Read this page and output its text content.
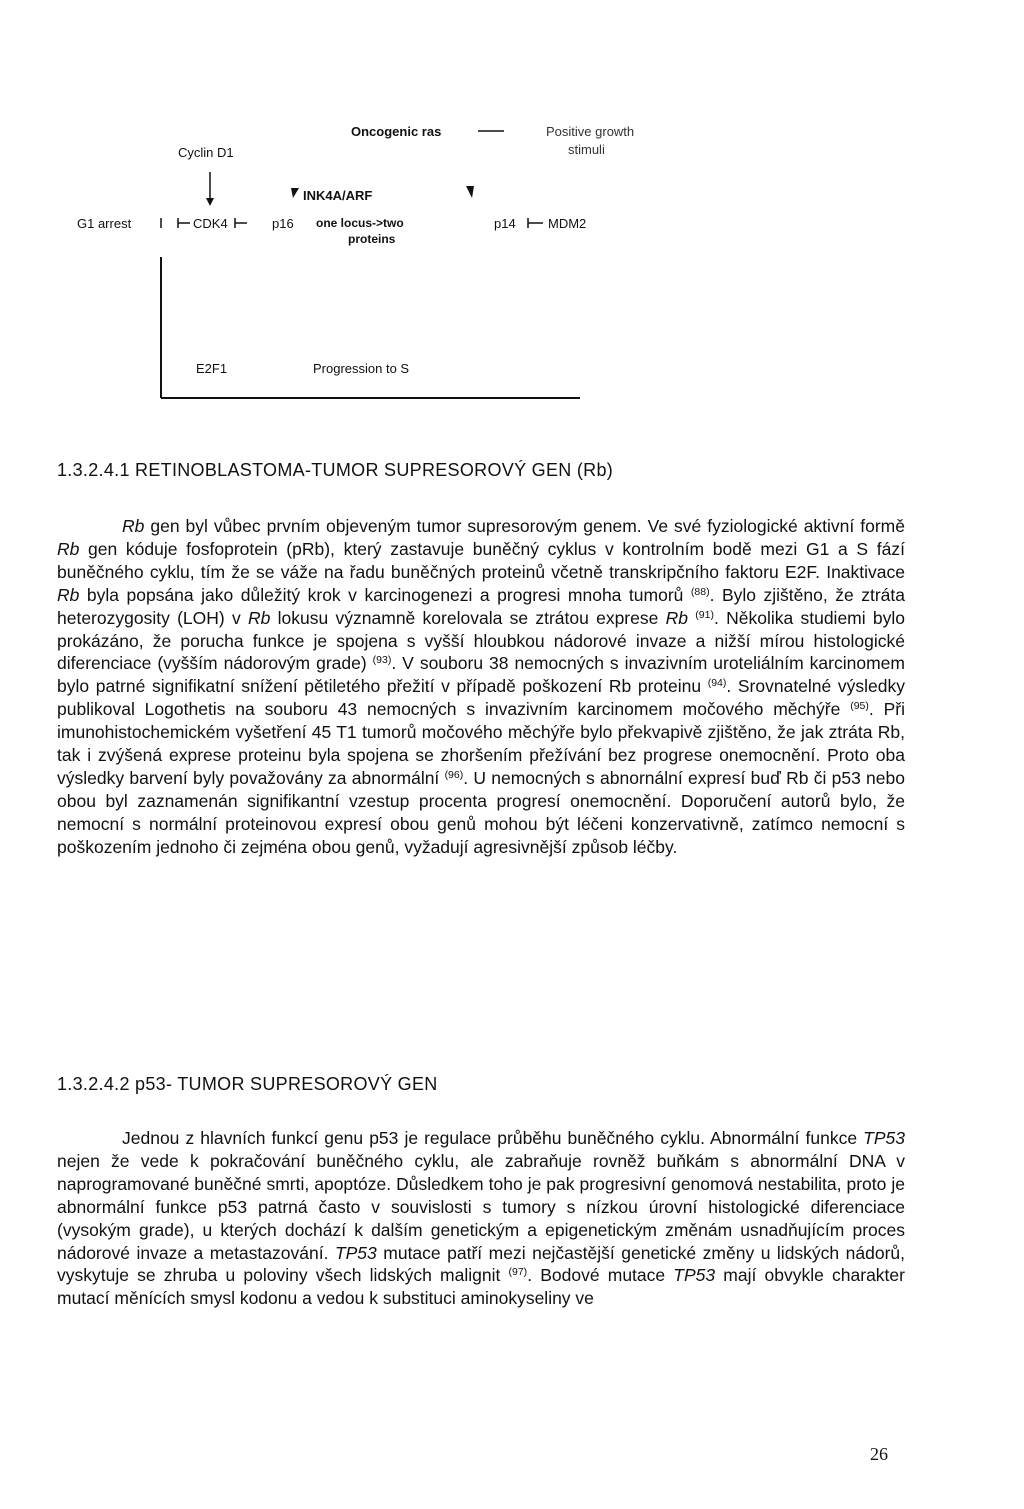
Cyclin D1
Oncogenic ras	Positive growth
stimuli
INK4A/ARF
G1 arrest	CDK4	p16 one locus->two
proteins
p14 MDM2
E2F1	Progression to S
1.3.2.4.1 RETINOBLASTOMA-TUMOR SUPRESOROVÝ GEN (Rb)

Rb gen byl vůbec prvním objeveným tumor supresorovým genem. Ve své fyziologické aktivní formě Rb gen kóduje fosfoprotein (pRb), který zastavuje buněčný cyklus v kontrolním bodě mezi G1 a S fází buněčného cyklu, tím že se váže na řadu buněčných proteinů včetně transkripčního faktoru E2F. Inaktivace Rb byla popsána jako důležitý krok v karcinogenezi a progresi mnoha tumorů $^{(88)}$. Bylo zjištěno, že ztráta heterozygosity (LOH) v Rb lokusu významně korelovala se ztrátou exprese Rb $^{(91)}$. Několika studiemi bylo prokázáno, že porucha funkce je spojena s vyšší hloubkou nádorové invaze a nižší mírou histologické diferenciace (vyšším nádorovým grade) $^{(93)}$. V souboru 38 nemocných s invazivním uroteliálním karcinomem bylo patrné signifikatní snížení pětiletého přežití v případě poškození Rb proteinu $^{(94)}$. Srovnatelné výsledky publikoval Logothetis na souboru 43 nemocných s invazivním karcinomem močového měchýře $^{(95)}$. Při imunohistochemickém vyšetření 45 T1 tumorů močového měchýře bylo překvapivě zjištěno, že jak ztráta Rb, tak i zvýšená exprese proteinu byla spojena se zhoršením přežívání bez progrese onemocnění. Proto oba výsledky barvení byly považovány za abnormální $^{(96)}$. U nemocných s abnornální expresí buď Rb či p53 nebo obou byl zaznamenán signifikantní vzestup procenta progresí onemocnění. Doporučení autorů bylo, že nemocní s normální proteinovou expresí obou genů mohou být léčeni konzervativně, zatímco nemocní s poškozením jednoho či zejména obou genů, vyžadují agresivnější způsob léčby.

1.3.2.4.2 p53- TUMOR SUPRESOROVÝ GEN

Jednou z hlavních funkcí genu p53 je regulace průběhu buněčného cyklu. Abnormální funkce TP53 nejen že vede k pokračování buněčného cyklu, ale zabraňuje rovněž buňkám s abnormální DNA v naprogramované buněčné smrti, apoptóze. Důsledkem toho je pak progresivní genomová nestabilita, proto je abnormální funkce p53 patrná často v souvislosti s tumory s nízkou úrovní histologické diferenciace (vysokým grade), u kterých dochází k dalším genetickým a epigenetickým změnám usnadňujícím proces nádorové invaze a metastazování. TP53 mutace patří mezi nejčastější genetické změny u lidských nádorů, vyskytuje se zhruba u poloviny všech lidských malignit $^{(97)}$. Bodové mutace TP53 mají obvykle charakter mutací měnících smysl kodonu a vedou k substituci aminokyseliny ve

26
